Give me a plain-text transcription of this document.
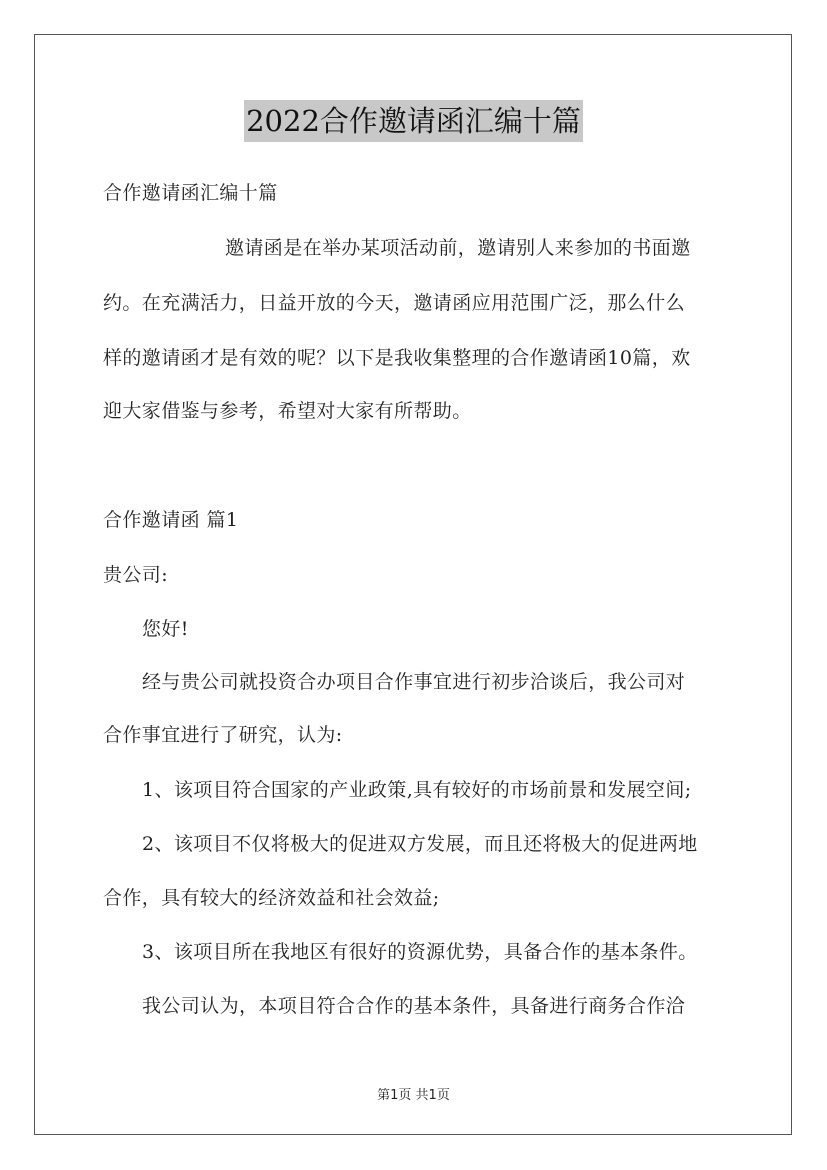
2022合作邀请函汇编十篇
合作邀请函汇编十篇
邀请函是在举办某项活动前，邀请别人来参加的书面邀
约。在充满活力，日益开放的今天，邀请函应用范围广泛，那么什么
样的邀请函才是有效的呢？以下是我收集整理的合作邀请函10篇，欢
迎大家借鉴与参考，希望对大家有所帮助。
合作邀请函 篇1
贵公司:
您好!
经与贵公司就投资合办项目合作事宜进行初步洽谈后，我公司对
合作事宜进行了研究，认为:
1、该项目符合国家的产业政策,具有较好的市场前景和发展空间;
2、该项目不仅将极大的促进双方发展，而且还将极大的促进两地
合作，具有较大的经济效益和社会效益;
3、该项目所在我地区有很好的资源优势，具备合作的基本条件。
我公司认为，本项目符合合作的基本条件，具备进行商务合作洽
第1页 共1页
